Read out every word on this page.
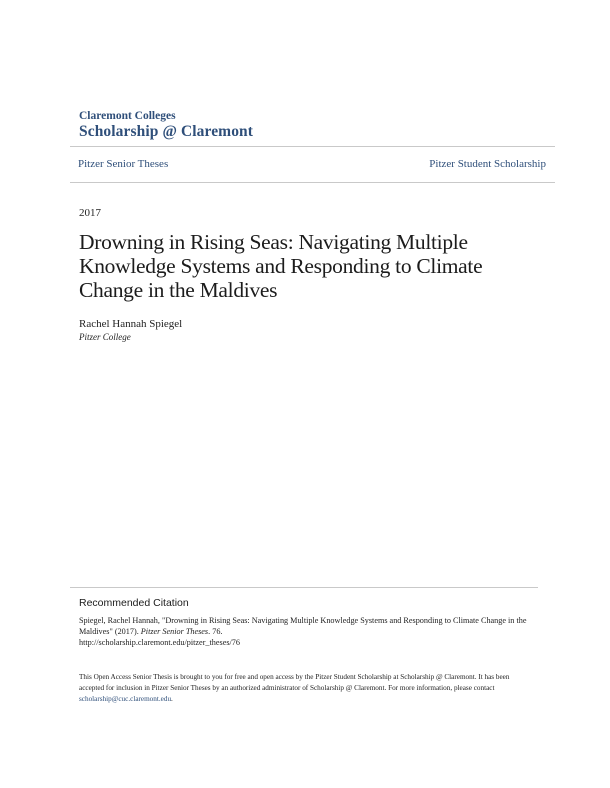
Claremont Colleges
Scholarship @ Claremont
Pitzer Senior Theses	Pitzer Student Scholarship
2017
Drowning in Rising Seas: Navigating Multiple Knowledge Systems and Responding to Climate Change in the Maldives
Rachel Hannah Spiegel
Pitzer College
Recommended Citation
Spiegel, Rachel Hannah, "Drowning in Rising Seas: Navigating Multiple Knowledge Systems and Responding to Climate Change in the Maldives" (2017). Pitzer Senior Theses. 76.
http://scholarship.claremont.edu/pitzer_theses/76
This Open Access Senior Thesis is brought to you for free and open access by the Pitzer Student Scholarship at Scholarship @ Claremont. It has been accepted for inclusion in Pitzer Senior Theses by an authorized administrator of Scholarship @ Claremont. For more information, please contact
scholarship@cuc.claremont.edu.
